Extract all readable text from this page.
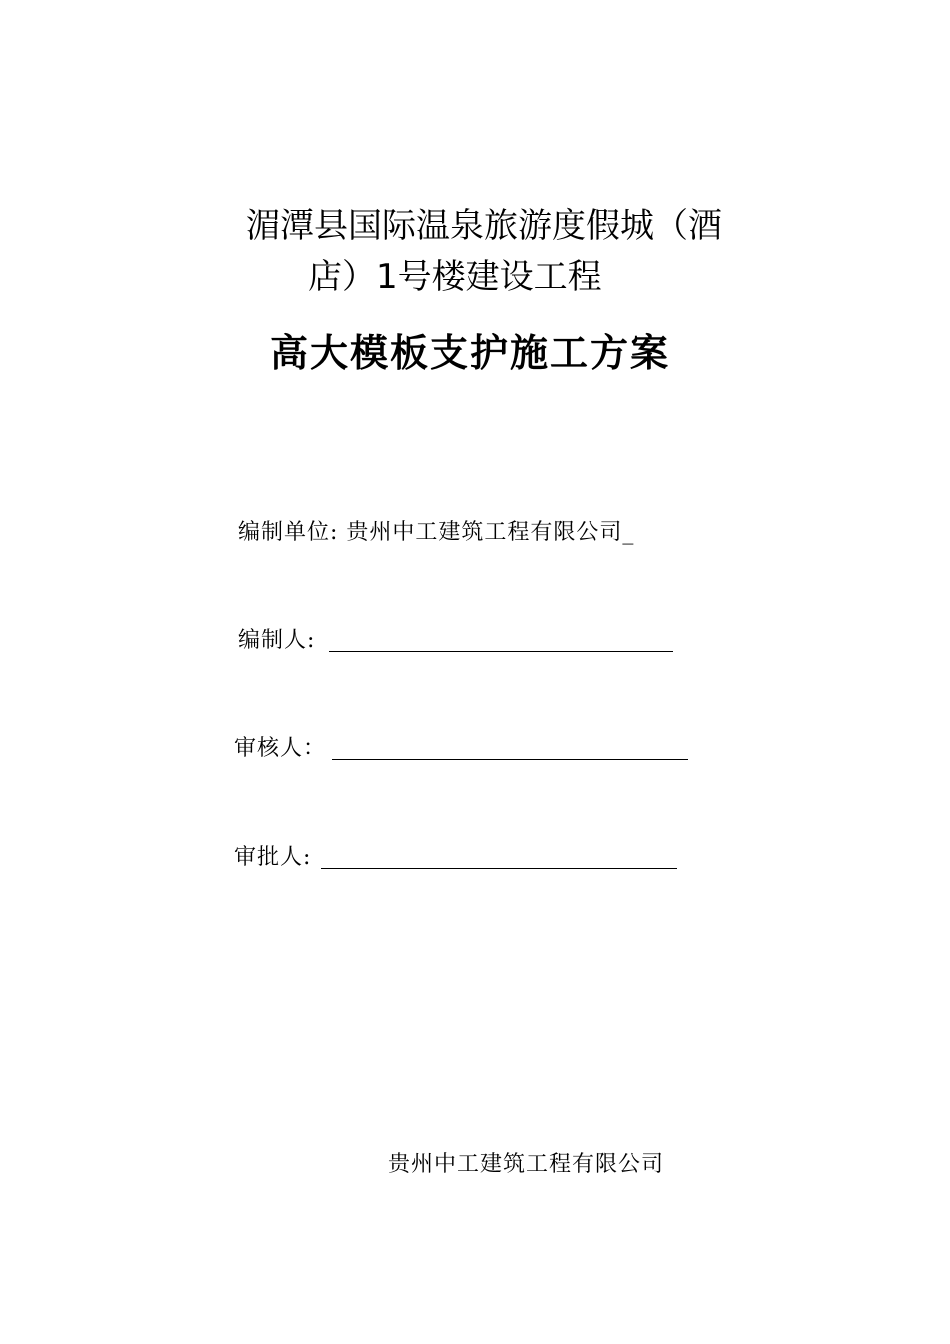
湄潭县国际温泉旅游度假城（酒
店）1号楼建设工程
高大模板支护施工方案
编制单位: 贵州中工建筑工程有限公司_
编制人:
审核人：
审批人:
贵州中工建筑工程有限公司
